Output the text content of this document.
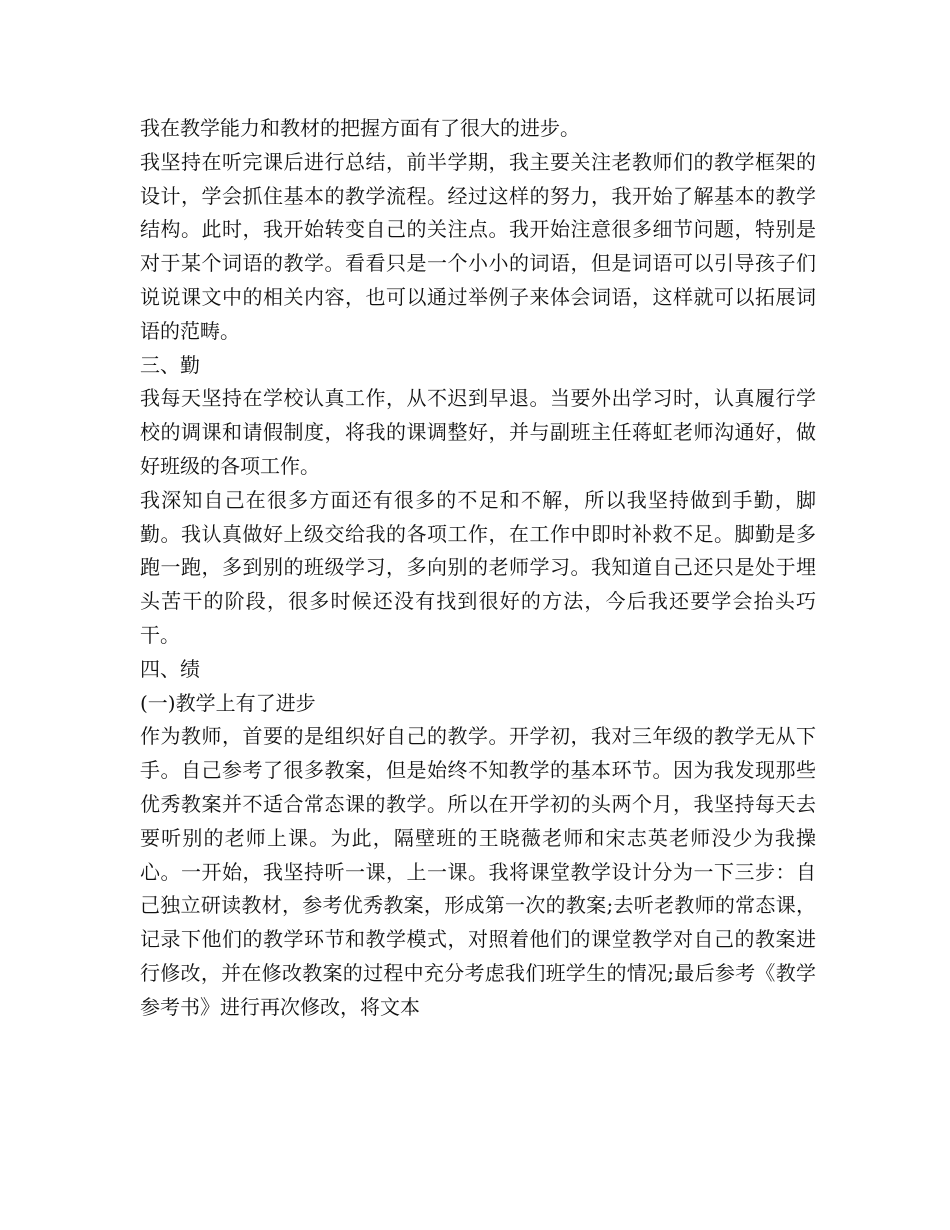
我在教学能力和教材的把握方面有了很大的进步。

我坚持在听完课后进行总结，前半学期，我主要关注老教师们的教学框架的设计，学会抓住基本的教学流程。经过这样的努力，我开始了解基本的教学结构。此时，我开始转变自己的关注点。我开始注意很多细节问题，特别是对于某个词语的教学。看看只是一个小小的词语，但是词语可以引导孩子们说说课文中的相关内容，也可以通过举例子来体会词语，这样就可以拓展词语的范畴。

三、勤

我每天坚持在学校认真工作，从不迟到早退。当要外出学习时，认真履行学校的调课和请假制度，将我的课调整好，并与副班主任蒋虹老师沟通好，做好班级的各项工作。

我深知自己在很多方面还有很多的不足和不解，所以我坚持做到手勤，脚勤。我认真做好上级交给我的各项工作，在工作中即时补救不足。脚勤是多跑一跑，多到别的班级学习，多向别的老师学习。我知道自己还只是处于埋头苦干的阶段，很多时候还没有找到很好的方法，今后我还要学会抬头巧干。

四、绩

(一)教学上有了进步

作为教师，首要的是组织好自己的教学。开学初，我对三年级的教学无从下手。自己参考了很多教案，但是始终不知教学的基本环节。因为我发现那些优秀教案并不适合常态课的教学。所以在开学初的头两个月，我坚持每天去要听别的老师上课。为此，隔壁班的王晓薇老师和宋志英老师没少为我操心。一开始，我坚持听一课，上一课。我将课堂教学设计分为一下三步：自己独立研读教材，参考优秀教案，形成第一次的教案;去听老教师的常态课，记录下他们的教学环节和教学模式，对照着他们的课堂教学对自己的教案进行修改，并在修改教案的过程中充分考虑我们班学生的情况;最后参考《教学参考书》进行再次修改，将文本
